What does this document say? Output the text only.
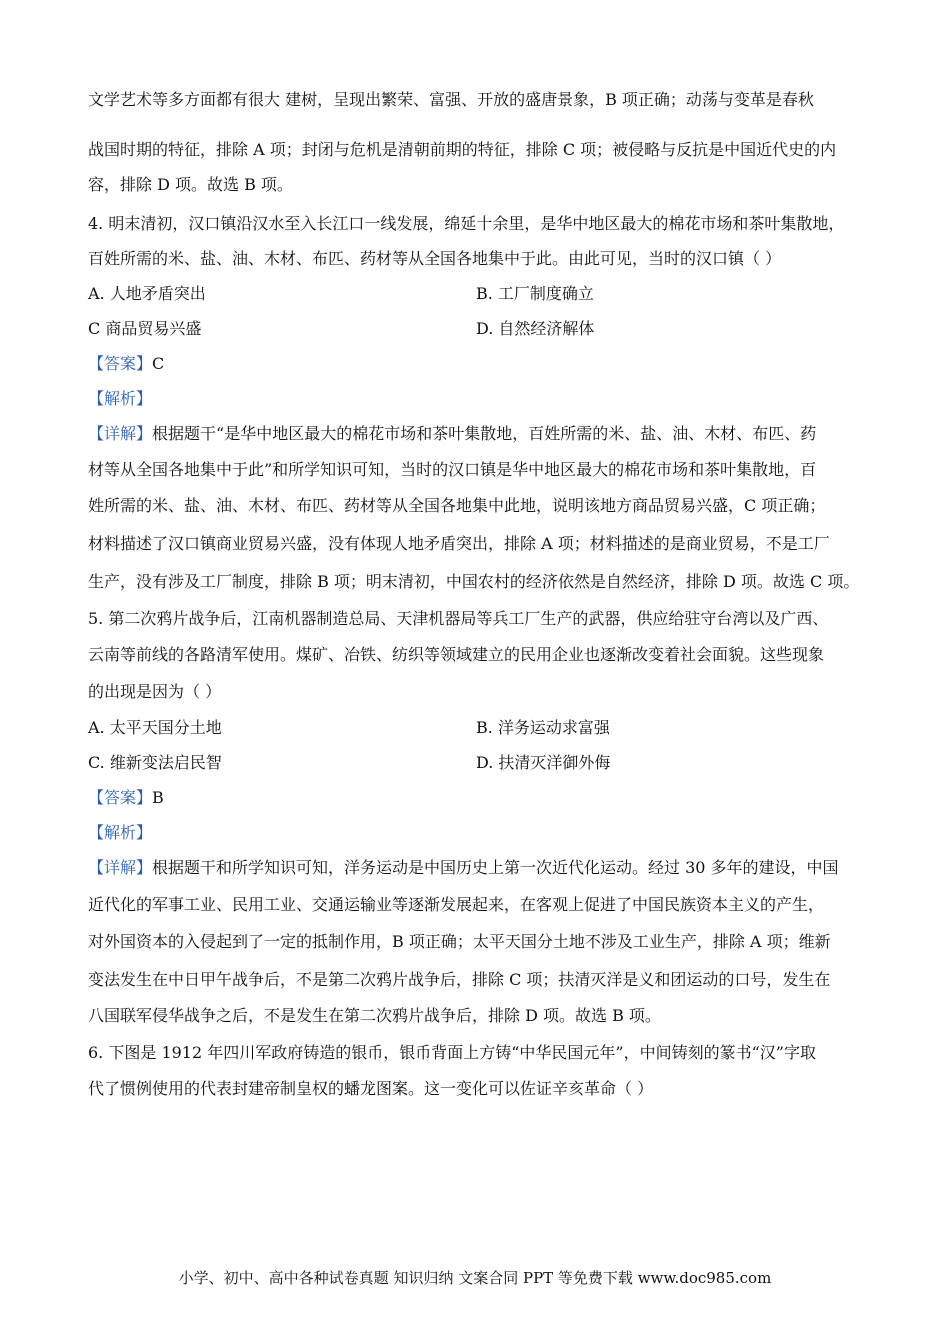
文学艺术等多方面都有很大 建树，呈现出繁荣、富强、开放的盛唐景象，B 项正确；动荡与变革是春秋
战国时期的特征，排除 A 项；封闭与危机是清朝前期的特征，排除 C 项；被侵略与反抗是中国近代史的内
容，排除 D 项。故选 B 项。
4. 明末清初，汉口镇沿汉水至入长江口一线发展，绵延十余里，是华中地区最大的棉花市场和茶叶集散地，
百姓所需的米、盐、油、木材、布匹、药材等从全国各地集中于此。由此可见，当时的汉口镇（ ）
A. 人地矛盾突出	B. 工厂制度确立
C 商品贸易兴盛	D. 自然经济解体
【答案】C
【解析】
【详解】根据题干“是华中地区最大的棉花市场和茶叶集散地，百姓所需的米、盐、油、木材、布匹、药
材等从全国各地集中于此”和所学知识可知，当时的汉口镇是华中地区最大的棉花市场和茶叶集散地，百
姓所需的米、盐、油、木材、布匹、药材等从全国各地集中此地，说明该地方商品贸易兴盛，C 项正确；
材料描述了汉口镇商业贸易兴盛，没有体现人地矛盾突出，排除 A 项；材料描述的是商业贸易，不是工厂
生产，没有涉及工厂制度，排除 B 项；明末清初，中国农村的经济依然是自然经济，排除 D 项。故选 C 项。
5. 第二次鸦片战争后，江南机器制造总局、天津机器局等兵工厂生产的武器，供应给驻守台湾以及广西、
云南等前线的各路清军使用。煤矿、冶铁、纺织等领域建立的民用企业也逐渐改变着社会面貌。这些现象
的出现是因为（ ）
A. 太平天国分土地	B. 洋务运动求富强
C. 维新变法启民智	D. 扶清灭洋御外侮
【答案】B
【解析】
【详解】根据题干和所学知识可知，洋务运动是中国历史上第一次近代化运动。经过 30 多年的建设，中国
近代化的军事工业、民用工业、交通运输业等逐渐发展起来，在客观上促进了中国民族资本主义的产生，
对外国资本的入侵起到了一定的抵制作用，B 项正确；太平天国分土地不涉及工业生产，排除 A 项；维新
变法发生在中日甲午战争后，不是第二次鸦片战争后，排除 C 项；扶清灭洋是义和团运动的口号，发生在
八国联军侵华战争之后，不是发生在第二次鸦片战争后，排除 D 项。故选 B 项。
6. 下图是 1912 年四川军政府铸造的银币，银币背面上方铸“中华民国元年”，中间铸刻的篆书“汉”字取
代了惯例使用的代表封建帝制皇权的蟠龙图案。这一变化可以佐证辛亥革命（ ）
小学、初中、高中各种试卷真题 知识归纳 文案合同 PPT 等免费下载 www.doc985.com
